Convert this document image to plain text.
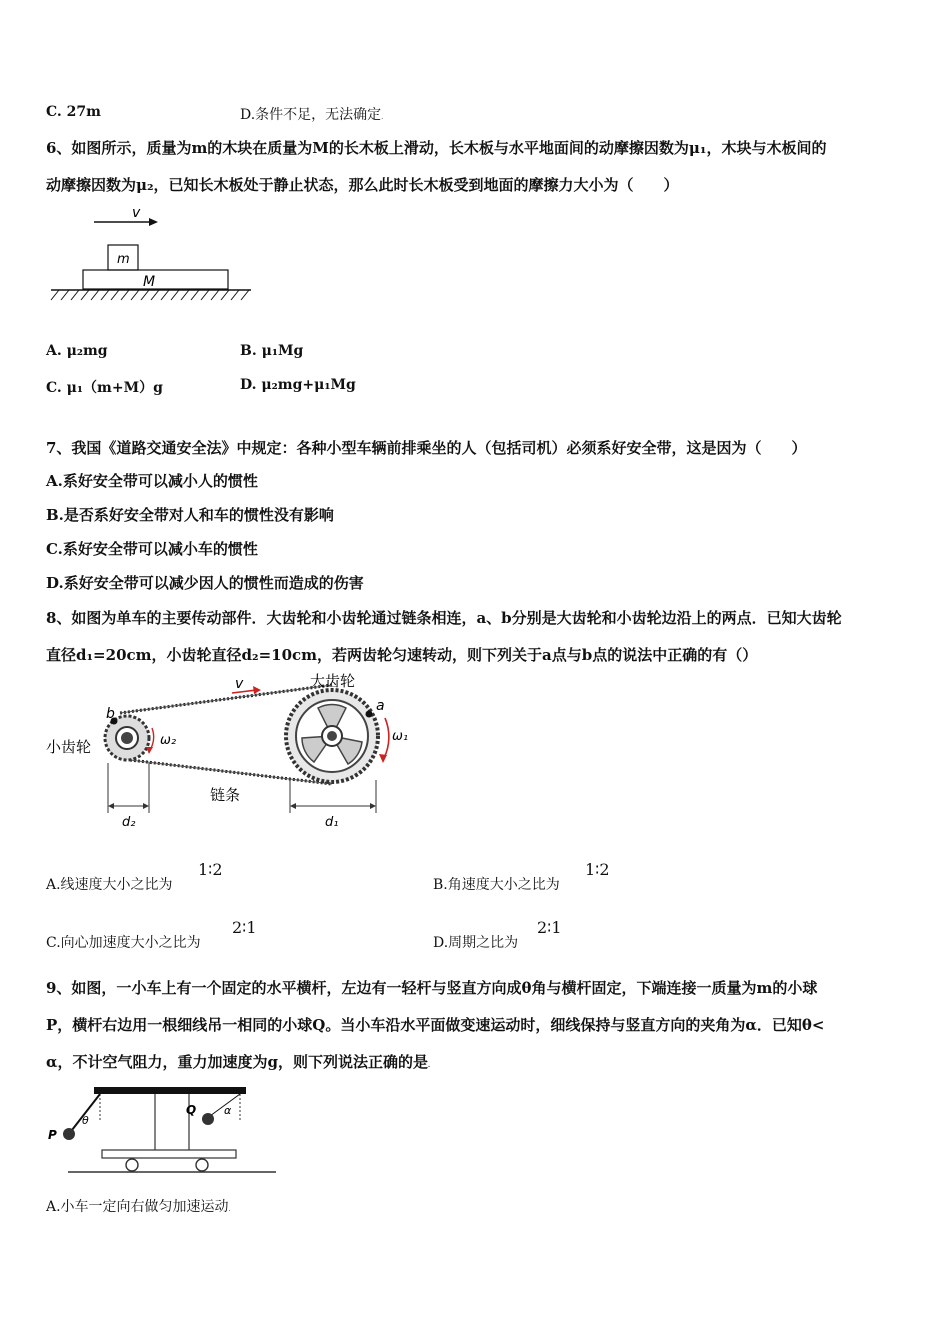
C. 27m	D.条件不足，无法确定.
6、如图所示，质量为m的木块在质量为M的长木板上滑动，长木板与水平地面间的动摩擦因数为μ₁，木块与木板间的
动摩擦因数为μ₂，已知长木板处于静止状态，那么此时长木板受到地面的摩擦力大小为（　　）
v
m
M
A. μ₂mg	B. μ₁Mg
C. μ₁（m+M）g	D. μ₂mg+μ₁Mg
7、我国《道路交通安全法》中规定：各种小型车辆前排乘坐的人（包括司机）必须系好安全带，这是因为（　　）
A.系好安全带可以减小人的惯性
B.是否系好安全带对人和车的惯性没有影响
C.系好安全带可以减小车的惯性
D.系好安全带可以减少因人的惯性而造成的伤害
8、如图为单车的主要传动部件．大齿轮和小齿轮通过链条相连，a、b分别是大齿轮和小齿轮边沿上的两点．已知大齿轮
直径d₁=20cm，小齿轮直径d₂=10cm，若两齿轮匀速转动，则下列关于a点与b点的说法中正确的有（）
a
b
v
ω₁
ω₂
大齿轮
小齿轮
链条
d₂	d₁
A.线速度大小之比为
1∶2
B.角速度大小之比为
1∶2
C.向心加速度大小之比为
2∶1
D.周期之比为
2∶1
9、如图，一小车上有一个固定的水平横杆，左边有一轻杆与竖直方向成θ角与横杆固定，下端连接一质量为m的小球
P，横杆右边用一根细线吊一相同的小球Q。当小车沿水平面做变速运动时，细线保持与竖直方向的夹角为α．已知θ<
α，不计空气阻力，重力加速度为g，则下列说法正确的是.
P
θ
Q	α
A.小车一定向右做匀加速运动.
